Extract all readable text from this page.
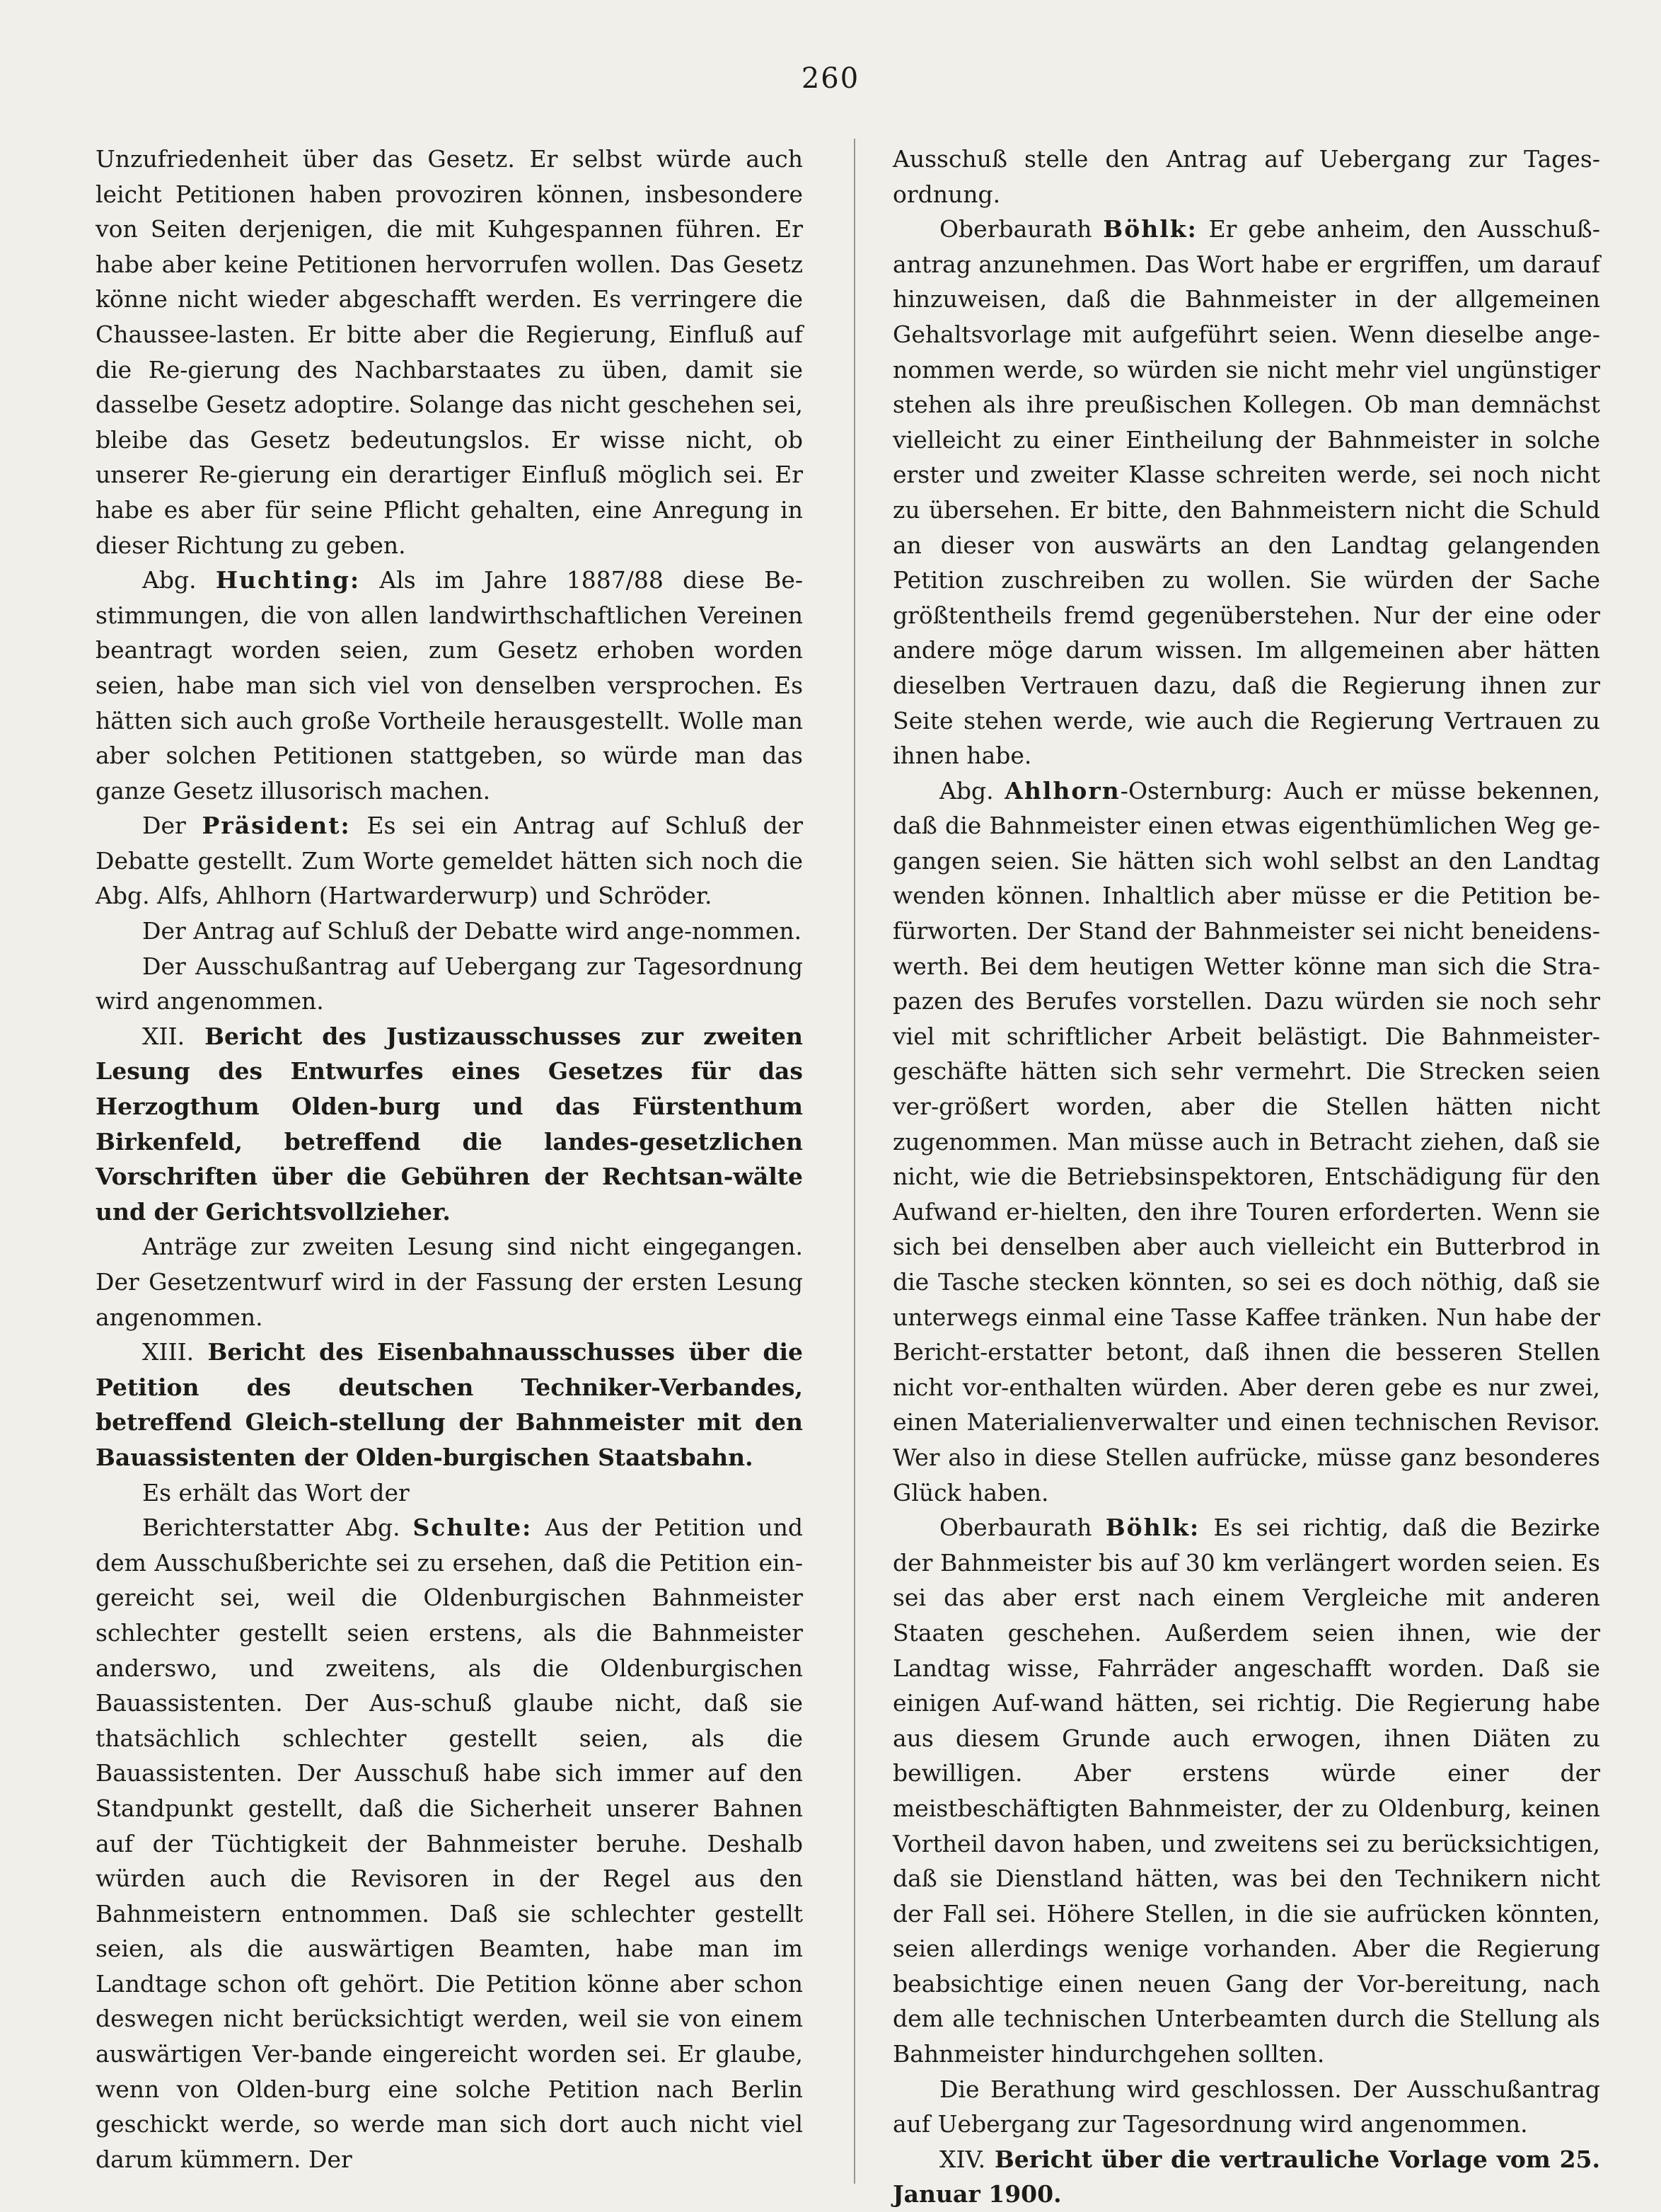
260

Unzufriedenheit über das Gesetz. Er selbst würde auch leicht Petitionen haben provoziren können, insbesondere von Seiten derjenigen, die mit Kuhgespannen führen. Er habe aber keine Petitionen hervorrufen wollen. Das Gesetz könne nicht wieder abgeschafft werden. Es verringere die Chaussee-lasten. Er bitte aber die Regierung, Einfluß auf die Re-gierung des Nachbarstaates zu üben, damit sie dasselbe Gesetz adoptire. Solange das nicht geschehen sei, bleibe das Gesetz bedeutungslos. Er wisse nicht, ob unserer Re-gierung ein derartiger Einfluß möglich sei. Er habe es aber für seine Pflicht gehalten, eine Anregung in dieser Richtung zu geben.

Abg. Huchting: Als im Jahre 1887/88 diese Be-stimmungen, die von allen landwirthschaftlichen Vereinen beantragt worden seien, zum Gesetz erhoben worden seien, habe man sich viel von denselben versprochen. Es hätten sich auch große Vortheile herausgestellt. Wolle man aber solchen Petitionen stattgeben, so würde man das ganze Gesetz illusorisch machen.

Der Präsident: Es sei ein Antrag auf Schluß der Debatte gestellt. Zum Worte gemeldet hätten sich noch die Abg. Alfs, Ahlhorn (Hartwarderwurp) und Schröder.

Der Antrag auf Schluß der Debatte wird ange-nommen.

Der Ausschußantrag auf Uebergang zur Tagesordnung wird angenommen.

XII. Bericht des Justizausschusses zur zweiten Lesung des Entwurfes eines Gesetzes für das Herzogthum Olden-burg und das Fürstenthum Birkenfeld, betreffend die landes-gesetzlichen Vorschriften über die Gebühren der Rechtsan-wälte und der Gerichtsvollzieher.

Anträge zur zweiten Lesung sind nicht eingegangen. Der Gesetzentwurf wird in der Fassung der ersten Lesung angenommen.

XIII. Bericht des Eisenbahnausschusses über die Petition des deutschen Techniker-Verbandes, betreffend Gleich-stellung der Bahnmeister mit den Bauassistenten der Olden-burgischen Staatsbahn.

Es erhält das Wort der

Berichterstatter Abg. Schulte: Aus der Petition und dem Ausschußberichte sei zu ersehen, daß die Petition ein-gereicht sei, weil die Oldenburgischen Bahnmeister schlechter gestellt seien erstens, als die Bahnmeister anderswo, und zweitens, als die Oldenburgischen Bauassistenten. Der Aus-schuß glaube nicht, daß sie thatsächlich schlechter gestellt seien, als die Bauassistenten. Der Ausschuß habe sich immer auf den Standpunkt gestellt, daß die Sicherheit unserer Bahnen auf der Tüchtigkeit der Bahnmeister beruhe. Deshalb würden auch die Revisoren in der Regel aus den Bahnmeistern entnommen. Daß sie schlechter gestellt seien, als die auswärtigen Beamten, habe man im Landtage schon oft gehört. Die Petition könne aber schon deswegen nicht berücksichtigt werden, weil sie von einem auswärtigen Ver-bande eingereicht worden sei. Er glaube, wenn von Olden-burg eine solche Petition nach Berlin geschickt werde, so werde man sich dort auch nicht viel darum kümmern. Der

Ausschuß stelle den Antrag auf Uebergang zur Tages-ordnung.

Oberbaurath Böhlk: Er gebe anheim, den Ausschuß-antrag anzunehmen. Das Wort habe er ergriffen, um darauf hinzuweisen, daß die Bahnmeister in der allgemeinen Gehaltsvorlage mit aufgeführt seien. Wenn dieselbe ange-nommen werde, so würden sie nicht mehr viel ungünstiger stehen als ihre preußischen Kollegen. Ob man demnächst vielleicht zu einer Eintheilung der Bahnmeister in solche erster und zweiter Klasse schreiten werde, sei noch nicht zu übersehen. Er bitte, den Bahnmeistern nicht die Schuld an dieser von auswärts an den Landtag gelangenden Petition zuschreiben zu wollen. Sie würden der Sache größtentheils fremd gegenüberstehen. Nur der eine oder andere möge darum wissen. Im allgemeinen aber hätten dieselben Vertrauen dazu, daß die Regierung ihnen zur Seite stehen werde, wie auch die Regierung Vertrauen zu ihnen habe.

Abg. Ahlhorn-Osternburg: Auch er müsse bekennen, daß die Bahnmeister einen etwas eigenthümlichen Weg ge-gangen seien. Sie hätten sich wohl selbst an den Landtag wenden können. Inhaltlich aber müsse er die Petition be-fürworten. Der Stand der Bahnmeister sei nicht beneidens-werth. Bei dem heutigen Wetter könne man sich die Stra-pazen des Berufes vorstellen. Dazu würden sie noch sehr viel mit schriftlicher Arbeit belästigt. Die Bahnmeister-geschäfte hätten sich sehr vermehrt. Die Strecken seien ver-größert worden, aber die Stellen hätten nicht zugenommen. Man müsse auch in Betracht ziehen, daß sie nicht, wie die Betriebsinspektoren, Entschädigung für den Aufwand er-hielten, den ihre Touren erforderten. Wenn sie sich bei denselben aber auch vielleicht ein Butterbrod in die Tasche stecken könnten, so sei es doch nöthig, daß sie unterwegs einmal eine Tasse Kaffee tränken. Nun habe der Bericht-erstatter betont, daß ihnen die besseren Stellen nicht vor-enthalten würden. Aber deren gebe es nur zwei, einen Materialienverwalter und einen technischen Revisor. Wer also in diese Stellen aufrücke, müsse ganz besonderes Glück haben.

Oberbaurath Böhlk: Es sei richtig, daß die Bezirke der Bahnmeister bis auf 30 km verlängert worden seien. Es sei das aber erst nach einem Vergleiche mit anderen Staaten geschehen. Außerdem seien ihnen, wie der Landtag wisse, Fahrräder angeschafft worden. Daß sie einigen Auf-wand hätten, sei richtig. Die Regierung habe aus diesem Grunde auch erwogen, ihnen Diäten zu bewilligen. Aber erstens würde einer der meistbeschäftigten Bahnmeister, der zu Oldenburg, keinen Vortheil davon haben, und zweitens sei zu berücksichtigen, daß sie Dienstland hätten, was bei den Technikern nicht der Fall sei. Höhere Stellen, in die sie aufrücken könnten, seien allerdings wenige vorhanden. Aber die Regierung beabsichtige einen neuen Gang der Vor-bereitung, nach dem alle technischen Unterbeamten durch die Stellung als Bahnmeister hindurchgehen sollten.

Die Berathung wird geschlossen. Der Ausschußantrag auf Uebergang zur Tagesordnung wird angenommen.

XIV. Bericht über die vertrauliche Vorlage vom 25. Januar 1900.
